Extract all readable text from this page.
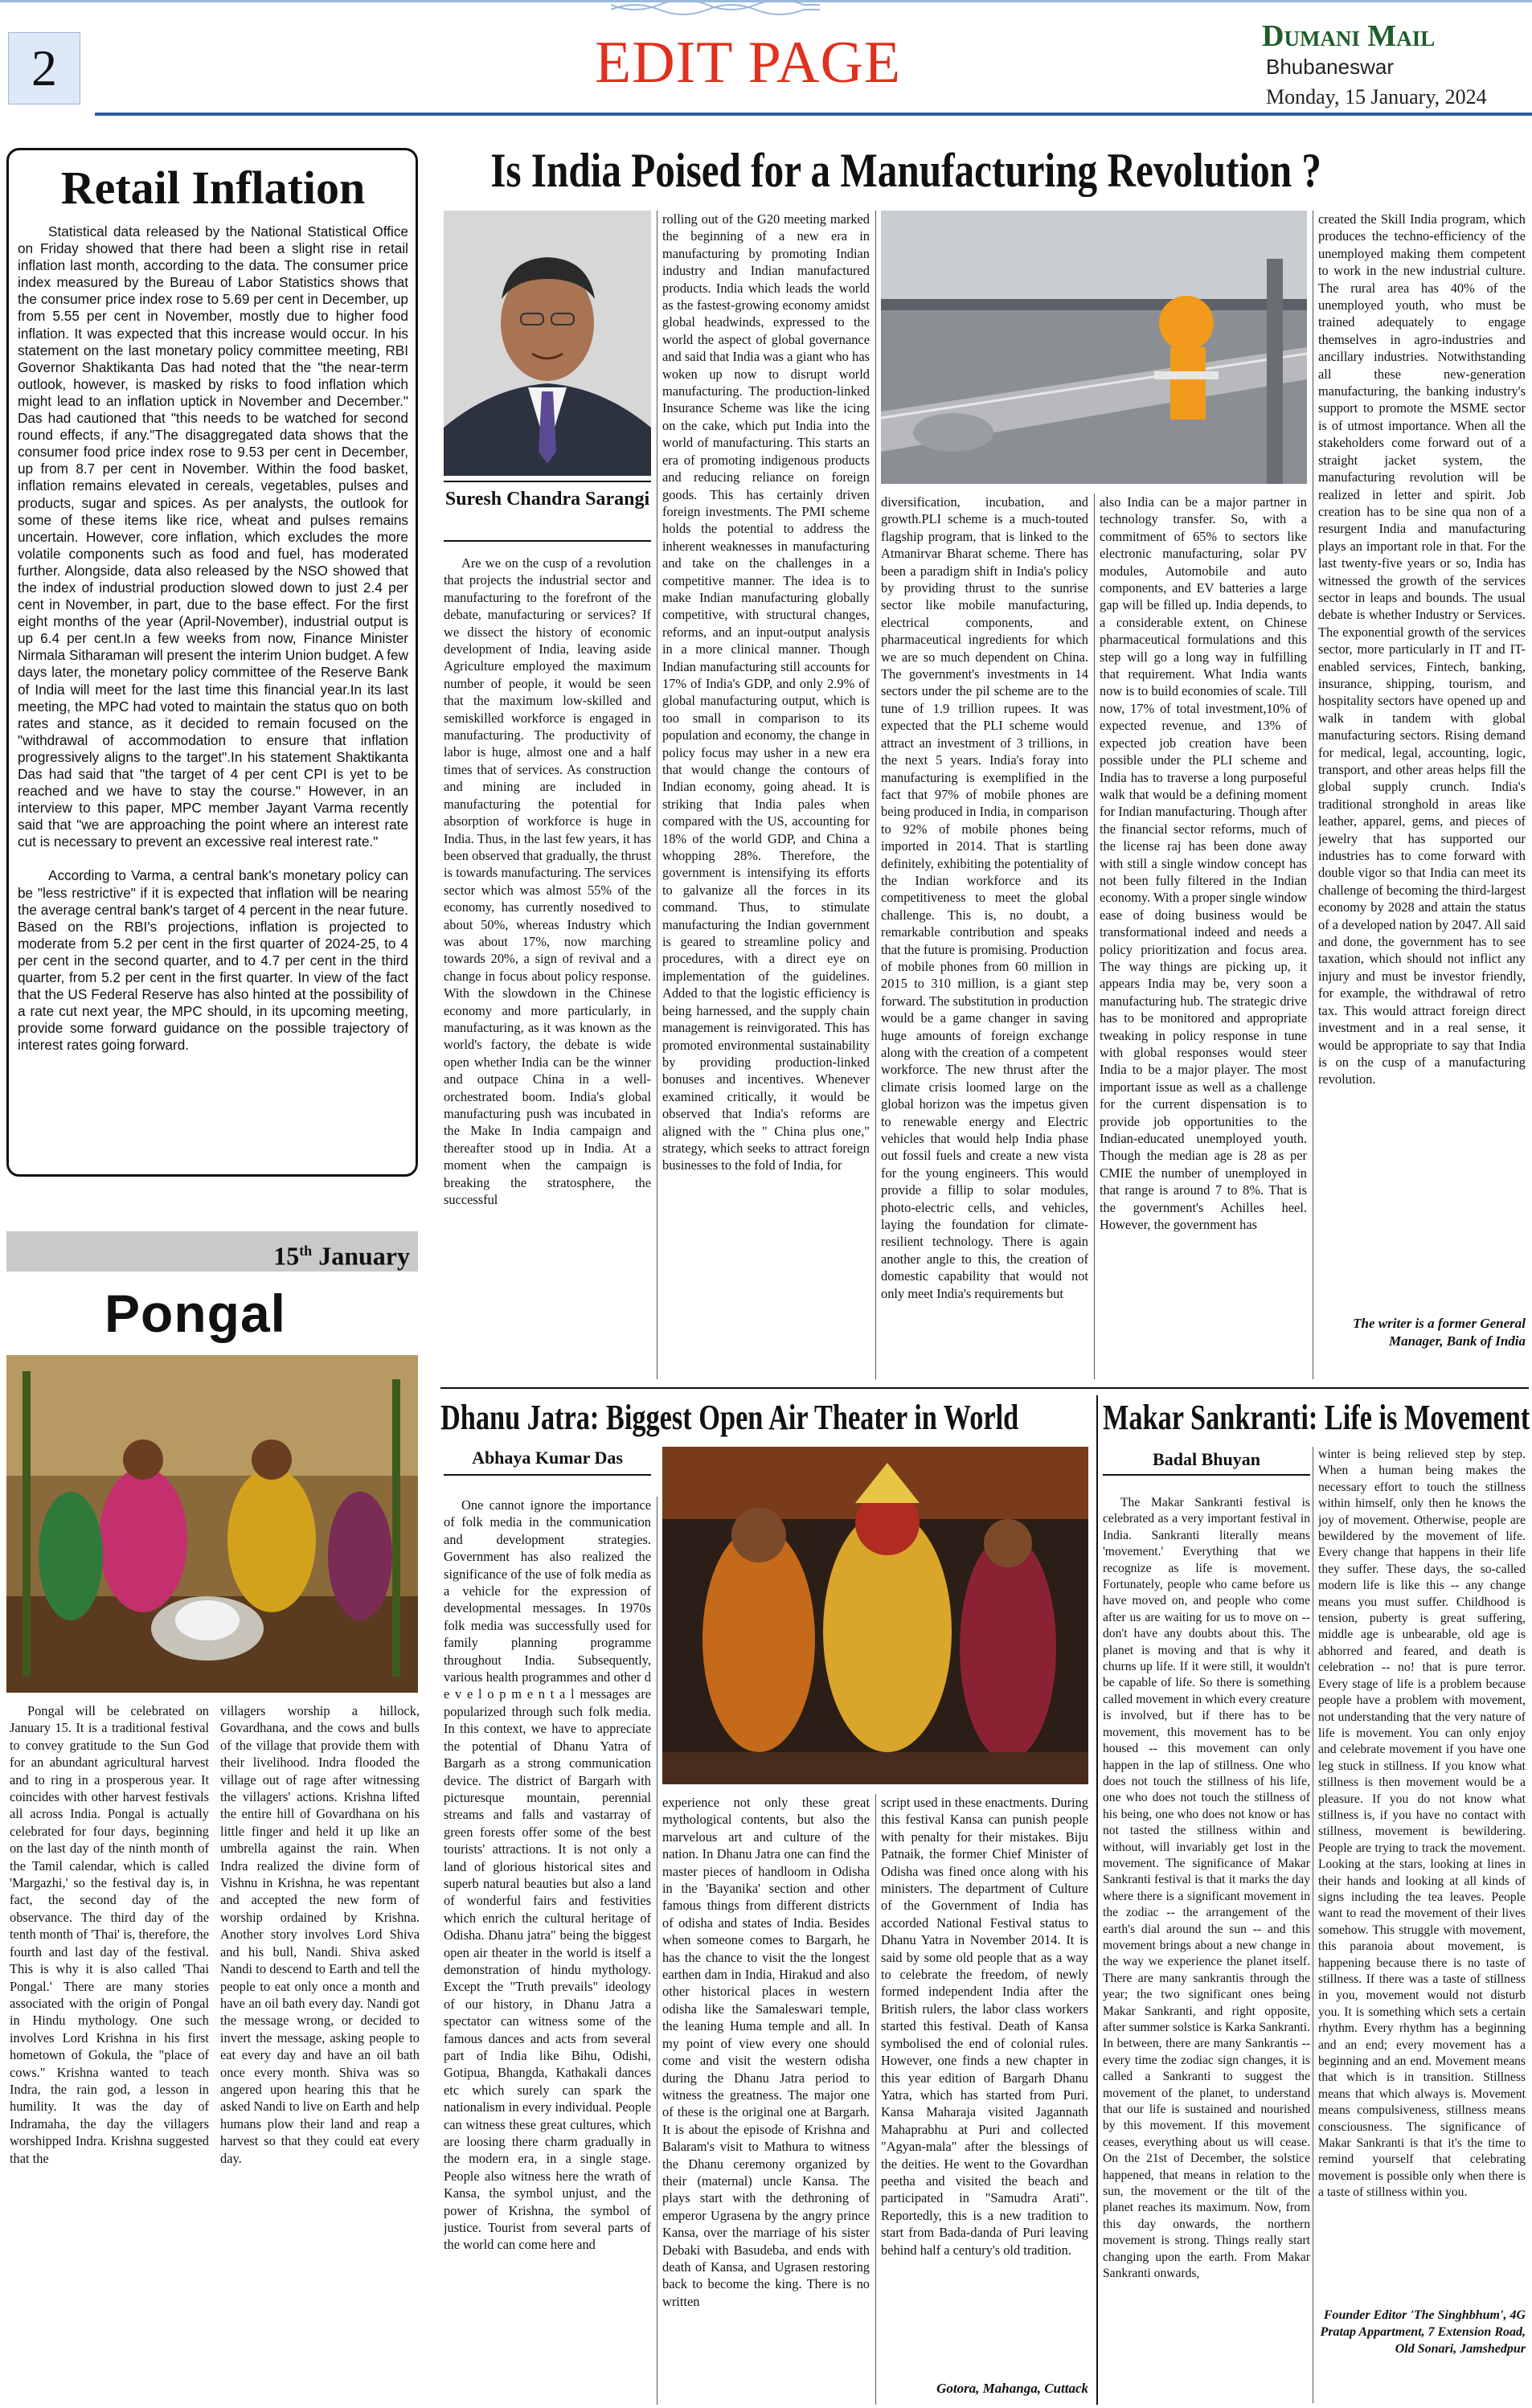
2	EDIT PAGE	Dumani Mail
Bhubaneswar
Monday, 15 January, 2024
Retail Inflation

Statistical data released by the National Statistical Office on Friday showed that there had been a slight rise in retail inflation last month, according to the data. The consumer price index measured by the Bureau of Labor Statistics shows that the consumer price index rose to 5.69 per cent in December, up from 5.55 per cent in November, mostly due to higher food inflation. It was expected that this increase would occur. In his statement on the last monetary policy committee meeting, RBI Governor Shaktikanta Das had noted that the "the near-term outlook, however, is masked by risks to food inflation which might lead to an inflation uptick in November and December." Das had cautioned that "this needs to be watched for second round effects, if any."The disaggregated data shows that the consumer food price index rose to 9.53 per cent in December, up from 8.7 per cent in November. Within the food basket, inflation remains elevated in cereals, vegetables, pulses and products, sugar and spices. As per analysts, the outlook for some of these items like rice, wheat and pulses remains uncertain. However, core inflation, which excludes the more volatile components such as food and fuel, has moderated further. Alongside, data also released by the NSO showed that the index of industrial production slowed down to just 2.4 per cent in November, in part, due to the base effect. For the first eight months of the year (April-November), industrial output is up 6.4 per cent.In a few weeks from now, Finance Minister Nirmala Sitharaman will present the interim Union budget. A few days later, the monetary policy committee of the Reserve Bank of India will meet for the last time this financial year.In its last meeting, the MPC had voted to maintain the status quo on both rates and stance, as it decided to remain focused on the "withdrawal of accommodation to ensure that inflation progressively aligns to the target".In his statement Shaktikanta Das had said that "the target of 4 per cent CPI is yet to be reached and we have to stay the course." However, in an interview to this paper, MPC member Jayant Varma recently said that "we are approaching the point where an interest rate cut is necessary to prevent an excessive real interest rate."

According to Varma, a central bank's monetary policy can be "less restrictive" if it is expected that inflation will be nearing the average central bank's target of 4 percent in the near future. Based on the RBI's projections, inflation is projected to moderate from 5.2 per cent in the first quarter of 2024-25, to 4 per cent in the second quarter, and to 4.7 per cent in the third quarter, from 5.2 per cent in the first quarter. In view of the fact that the US Federal Reserve has also hinted at the possibility of a rate cut next year, the MPC should, in its upcoming meeting, provide some forward guidance on the possible trajectory of interest rates going forward.

15th January
Pongal

Pongal will be celebrated on January 15. It is a traditional festival to convey gratitude to the Sun God for an abundant agricultural harvest and to ring in a prosperous year. It coincides with other harvest festivals all across India. Pongal is actually celebrated for four days, beginning on the last day of the ninth month of the Tamil calendar, which is called 'Margazhi,' so the festival day is, in fact, the second day of the observance. The third day of the tenth month of 'Thai' is, therefore, the fourth and last day of the festival. This is why it is also called 'Thai Pongal.' There are many stories associated with the origin of Pongal in Hindu mythology. One such involves Lord Krishna in his first hometown of Gokula, the "place of cows." Krishna wanted to teach Indra, the rain god, a lesson in humility. It was the day of Indramaha, the day the villagers worshipped Indra. Krishna suggested that the

villagers worship a hillock, Govardhana, and the cows and bulls of the village that provide them with their livelihood. Indra flooded the village out of rage after witnessing the villagers' actions. Krishna lifted the entire hill of Govardhana on his little finger and held it up like an umbrella against the rain. When Indra realized the divine form of Vishnu in Krishna, he was repentant and accepted the new form of worship ordained by Krishna. Another story involves Lord Shiva and his bull, Nandi. Shiva asked Nandi to descend to Earth and tell the people to eat only once a month and have an oil bath every day. Nandi got the message wrong, or decided to invert the message, asking people to eat every day and have an oil bath once every month. Shiva was so angered upon hearing this that he asked Nandi to live on Earth and help humans plow their land and reap a harvest so that they could eat every day.

Is India Poised for a Manufacturing Revolution ?
Suresh Chandra Sarangi

Are we on the cusp of a revolution that projects the industrial sector and manufacturing to the forefront of the debate, manufacturing or services? If we dissect the history of economic development of India, leaving aside Agriculture employed the maximum number of people, it would be seen that the maximum low-skilled and semiskilled workforce is engaged in manufacturing. The productivity of labor is huge, almost one and a half times that of services. As construction and mining are included in manufacturing the potential for absorption of workforce is huge in India. Thus, in the last few years, it has been observed that gradually, the thrust is towards manufacturing. The services sector which was almost 55% of the economy, has currently nosedived to about 50%, whereas Industry which was about 17%, now marching towards 20%, a sign of revival and a change in focus about policy response. With the slowdown in the Chinese economy and more particularly, in manufacturing, as it was known as the world's factory, the debate is wide open whether India can be the winner and outpace China in a well-orchestrated boom. India's global manufacturing push was incubated in the Make In India campaign and thereafter stood up in India. At a moment when the campaign is breaking the stratosphere, the successful

rolling out of the G20 meeting marked the beginning of a new era in manufacturing by promoting Indian industry and Indian manufactured products. India which leads the world as the fastest-growing economy amidst global headwinds, expressed to the world the aspect of global governance and said that India was a giant who has woken up now to disrupt world manufacturing. The production-linked Insurance Scheme was like the icing on the cake, which put India into the world of manufacturing. This starts an era of promoting indigenous products and reducing reliance on foreign goods. This has certainly driven foreign investments. The PMI scheme holds the potential to address the inherent weaknesses in manufacturing and take on the challenges in a competitive manner. The idea is to make Indian manufacturing globally competitive, with structural changes, reforms, and an input-output analysis in a more clinical manner. Though Indian manufacturing still accounts for 17% of India's GDP, and only 2.9% of global manufacturing output, which is too small in comparison to its population and economy, the change in policy focus may usher in a new era that would change the contours of Indian economy, going ahead. It is striking that India pales when compared with the US, accounting for 18% of the world GDP, and China a whopping 28%. Therefore, the government is intensifying its efforts to galvanize all the forces in its command. Thus, to stimulate manufacturing the Indian government is geared to streamline policy and procedures, with a direct eye on implementation of the guidelines. Added to that the logistic efficiency is being harnessed, and the supply chain management is reinvigorated. This has promoted environmental sustainability by providing production-linked bonuses and incentives. Whenever examined critically, it would be observed that India's reforms are aligned with the " China plus one," strategy, which seeks to attract foreign businesses to the fold of India, for

diversification, incubation, and growth.PLI scheme is a much-touted flagship program, that is linked to the Atmanirvar Bharat scheme. There has been a paradigm shift in India's policy by providing thrust to the sunrise sector like mobile manufacturing, electrical components, and pharmaceutical ingredients for which we are so much dependent on China. The government's investments in 14 sectors under the pil scheme are to the tune of 1.9 trillion rupees. It was expected that the PLI scheme would attract an investment of 3 trillions, in the next 5 years. India's foray into manufacturing is exemplified in the fact that 97% of mobile phones are being produced in India, in comparison to 92% of mobile phones being imported in 2014. That is startling definitely, exhibiting the potentiality of the Indian workforce and its competitiveness to meet the global challenge. This is, no doubt, a remarkable contribution and speaks that the future is promising. Production of mobile phones from 60 million in 2015 to 310 million, is a giant step forward. The substitution in production would be a game changer in saving huge amounts of foreign exchange along with the creation of a competent workforce. The new thrust after the climate crisis loomed large on the global horizon was the impetus given to renewable energy and Electric vehicles that would help India phase out fossil fuels and create a new vista for the young engineers. This would provide a fillip to solar modules, photo-electric cells, and vehicles, laying the foundation for climate-resilient technology. There is again another angle to this, the creation of domestic capability that would not only meet India's requirements but

also India can be a major partner in technology transfer. So, with a commitment of 65% to sectors like electronic manufacturing, solar PV modules, Automobile and auto components, and EV batteries a large gap will be filled up. India depends, to a considerable extent, on Chinese pharmaceutical formulations and this step will go a long way in fulfilling that requirement. What India wants now is to build economies of scale. Till now, 17% of total investment,10% of expected revenue, and 13% of expected job creation have been possible under the PLI scheme and India has to traverse a long purposeful walk that would be a defining moment for Indian manufacturing. Though after the financial sector reforms, much of the license raj has been done away with still a single window concept has not been fully filtered in the Indian economy. With a proper single window ease of doing business would be transformational indeed and needs a policy prioritization and focus area. The way things are picking up, it appears India may be, very soon a manufacturing hub. The strategic drive has to be monitored and appropriate tweaking in policy response in tune with global responses would steer India to be a major player. The most important issue as well as a challenge for the current dispensation is to provide job opportunities to the Indian-educated unemployed youth. Though the median age is 28 as per CMIE the number of unemployed in that range is around 7 to 8%. That is the government's Achilles heel. However, the government has

created the Skill India program, which produces the techno-efficiency of the unemployed making them competent to work in the new industrial culture. The rural area has 40% of the unemployed youth, who must be trained adequately to engage themselves in agro-industries and ancillary industries. Notwithstanding all these new-generation manufacturing, the banking industry's support to promote the MSME sector is of utmost importance. When all the stakeholders come forward out of a straight jacket system, the manufacturing revolution will be realized in letter and spirit. Job creation has to be sine qua non of a resurgent India and manufacturing plays an important role in that. For the last twenty-five years or so, India has witnessed the growth of the services sector in leaps and bounds. The usual debate is whether Industry or Services. The exponential growth of the services sector, more particularly in IT and IT-enabled services, Fintech, banking, insurance, shipping, tourism, and hospitality sectors have opened up and walk in tandem with global manufacturing sectors. Rising demand for medical, legal, accounting, logic, transport, and other areas helps fill the global supply crunch. India's traditional stronghold in areas like leather, apparel, gems, and pieces of jewelry that has supported our industries has to come forward with double vigor so that India can meet its challenge of becoming the third-largest economy by 2028 and attain the status of a developed nation by 2047. All said and done, the government has to see taxation, which should not inflict any injury and must be investor friendly, for example, the withdrawal of retro tax. This would attract foreign direct investment and in a real sense, it would be appropriate to say that India is on the cusp of a manufacturing revolution.

The writer is a former General Manager, Bank of India
Dhanu Jatra: Biggest Open Air Theater in World
Abhaya Kumar Das

One cannot ignore the importance of folk media in the communication and development strategies. Government has also realized the significance of the use of folk media as a vehicle for the expression of developmental messages. In 1970s folk media was successfully used for family planning programme throughout India. Subsequently, various health programmes and other d e v e l o p m e n t a l messages are popularized through such folk media. In this context, we have to appreciate the potential of Dhanu Yatra of Bargarh as a strong communication device. The district of Bargarh with picturesque mountain, perennial streams and falls and vastarray of green forests offer some of the best tourists' attractions. It is not only a land of glorious historical sites and superb natural beauties but also a land of wonderful fairs and festivities which enrich the cultural heritage of Odisha. Dhanu jatra" being the biggest open air theater in the world is itself a demonstration of hindu mythology. Except the "Truth prevails" ideology of our history, in Dhanu Jatra a spectator can witness some of the famous dances and acts from several part of India like Bihu, Odishi, Gotipua, Bhangda, Kathakali dances etc which surely can spark the nationalism in every individual. People can witness these great cultures, which are loosing there charm gradually in the modern era, in a single stage. People also witness here the wrath of Kansa, the symbol unjust, and the power of Krishna, the symbol of justice. Tourist from several parts of the world can come here and

experience not only these great mythological contents, but also the marvelous art and culture of the nation. In Dhanu Jatra one can find the master pieces of handloom in Odisha in the 'Bayanika' section and other famous things from different districts of odisha and states of India. Besides when someone comes to Bargarh, he has the chance to visit the the longest earthen dam in India, Hirakud and also other historical places in western odisha like the Samaleswari temple, the leaning Huma temple and all. In my point of view every one should come and visit the western odisha during the Dhanu Jatra period to witness the greatness. The major one of these is the original one at Bargarh. It is about the episode of Krishna and Balaram's visit to Mathura to witness the Dhanu ceremony organized by their (maternal) uncle Kansa. The plays start with the dethroning of emperor Ugrasena by the angry prince Kansa, over the marriage of his sister Debaki with Basudeba, and ends with death of Kansa, and Ugrasen restoring back to become the king. There is no written

script used in these enactments. During this festival Kansa can punish people with penalty for their mistakes. Biju Patnaik, the former Chief Minister of Odisha was fined once along with his ministers. The department of Culture of the Government of India has accorded National Festival status to Dhanu Yatra in November 2014. It is said by some old people that as a way to celebrate the freedom, of newly formed independent India after the British rulers, the labor class workers started this festival. Death of Kansa symbolised the end of colonial rules. However, one finds a new chapter in this year edition of Bargarh Dhanu Yatra, which has started from Puri. Kansa Maharaja visited Jagannath Mahaprabhu at Puri and collected "Agyan-mala" after the blessings of the deities. He went to the Govardhan peetha and visited the beach and participated in "Samudra Arati". Reportedly, this is a new tradition to start from Bada-danda of Puri leaving behind half a century's old tradition.

Gotora, Mahanga, Cuttack
Makar Sankranti: Life is Movement
Badal Bhuyan

The Makar Sankranti festival is celebrated as a very important festival in India. Sankranti literally means 'movement.' Everything that we recognize as life is movement. Fortunately, people who came before us have moved on, and people who come after us are waiting for us to move on -- don't have any doubts about this. The planet is moving and that is why it churns up life. If it were still, it wouldn't be capable of life. So there is something called movement in which every creature is involved, but if there has to be movement, this movement has to be housed -- this movement can only happen in the lap of stillness. One who does not touch the stillness of his life, one who does not touch the stillness of his being, one who does not know or has not tasted the stillness within and without, will invariably get lost in the movement. The significance of Makar Sankranti festival is that it marks the day where there is a significant movement in the zodiac -- the arrangement of the earth's dial around the sun -- and this movement brings about a new change in the way we experience the planet itself. There are many sankrantis through the year; the two significant ones being Makar Sankranti, and right opposite, after summer solstice is Karka Sankranti. In between, there are many Sankrantis -- every time the zodiac sign changes, it is called a Sankranti to suggest the movement of the planet, to understand that our life is sustained and nourished by this movement. If this movement ceases, everything about us will cease. On the 21st of December, the solstice happened, that means in relation to the sun, the movement or the tilt of the planet reaches its maximum. Now, from this day onwards, the northern movement is strong. Things really start changing upon the earth. From Makar Sankranti onwards,

winter is being relieved step by step. When a human being makes the necessary effort to touch the stillness within himself, only then he knows the joy of movement. Otherwise, people are bewildered by the movement of life. Every change that happens in their life they suffer. These days, the so-called modern life is like this -- any change means you must suffer. Childhood is tension, puberty is great suffering, middle age is unbearable, old age is abhorred and feared, and death is celebration -- no! that is pure terror. Every stage of life is a problem because people have a problem with movement, not understanding that the very nature of life is movement. You can only enjoy and celebrate movement if you have one leg stuck in stillness. If you know what stillness is then movement would be a pleasure. If you do not know what stillness is, if you have no contact with stillness, movement is bewildering. People are trying to track the movement. Looking at the stars, looking at lines in their hands and looking at all kinds of signs including the tea leaves. People want to read the movement of their lives somehow. This struggle with movement, this paranoia about movement, is happening because there is no taste of stillness. If there was a taste of stillness in you, movement would not disturb you. It is something which sets a certain rhythm. Every rhythm has a beginning and an end; every movement has a beginning and an end. Movement means that which is in transition. Stillness means that which always is. Movement means compulsiveness, stillness means consciousness. The significance of Makar Sankranti is that it's the time to remind yourself that celebrating movement is possible only when there is a taste of stillness within you.

Founder Editor 'The Singhbhum', 4G Pratap Appartment, 7 Extension Road, Old Sonari, Jamshedpur
